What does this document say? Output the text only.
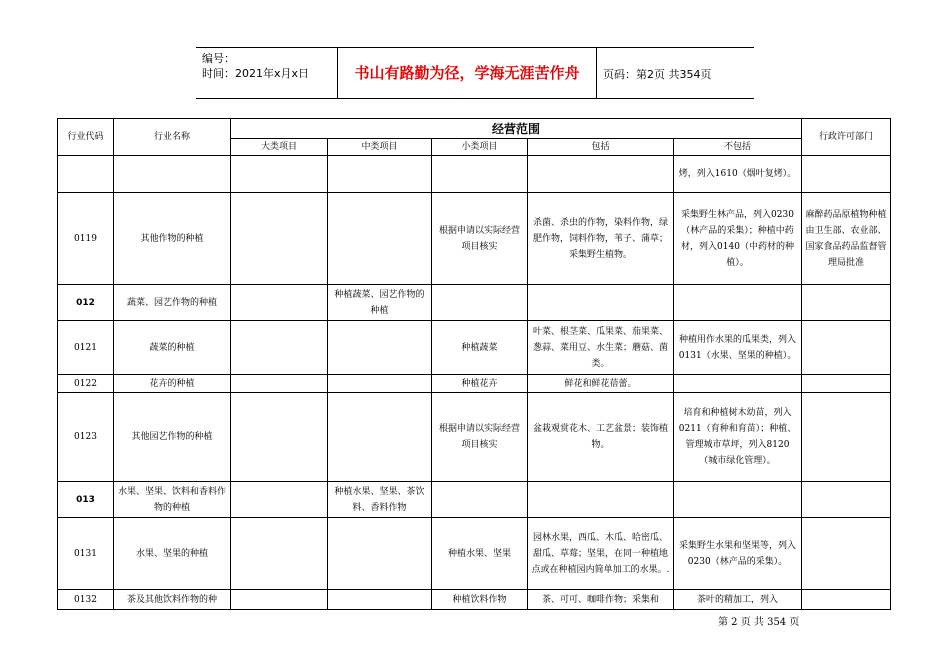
编号：
时间：2021年x月x日	书山有路勤为径，学海无涯苦作舟	页码：第2页 共354页
行业代码	行业名称	经营范围					行政许可部门
		大类项目	中类项目	小类项目	包括	不包括	
						烤，列入1610（烟叶复烤）。	
0119	其他作物的种植			根据申请以实际经营项目核实	杀菌、杀虫的作物，染料作物，绿肥作物，饲料作物，苇子、蒲草；采集野生植物。	采集野生林产品，列入0230（林产品的采集）；种植中药材，列入0140（中药材的种植）。	麻醉药品原植物种植由卫生部、农业部、国家食品药品监督管理局批准
012	蔬菜、园艺作物的种植		种植蔬菜、园艺作物的种植				
0121	蔬菜的种植			种植蔬菜	叶菜、根茎菜、瓜果菜、茄果菜、葱蒜、菜用豆、水生菜；蘑菇、菌类。	种植用作水果的瓜果类，列入0131（水果、坚果的种植）。	
0122	花卉的种植			种植花卉	鲜花和鲜花蓓蕾。		
0123	其他园艺作物的种植			根据申请以实际经营项目核实	盆栽观赏花木、工艺盆景；装饰植物。	培育和种植树木幼苗，列入0211（育种和育苗）；种植、管理城市草坪，列入8120（城市绿化管理）。	
013	水果、坚果、饮料和香料作物的种植		种植水果、坚果、茶饮料、香料作物				
0131	水果、坚果的种植			种植水果、坚果	园林水果，西瓜、木瓜、哈密瓜、甜瓜、草莓；坚果，在同一种植地点或在种植园内简单加工的水果。.	采集野生水果和坚果等，列入0230（林产品的采集）。	
0132	茶及其他饮料作物的种			种植饮料作物	茶、可可、咖啡作物；采集和	茶叶的精加工，列入	
第 2 页 共 354 页
